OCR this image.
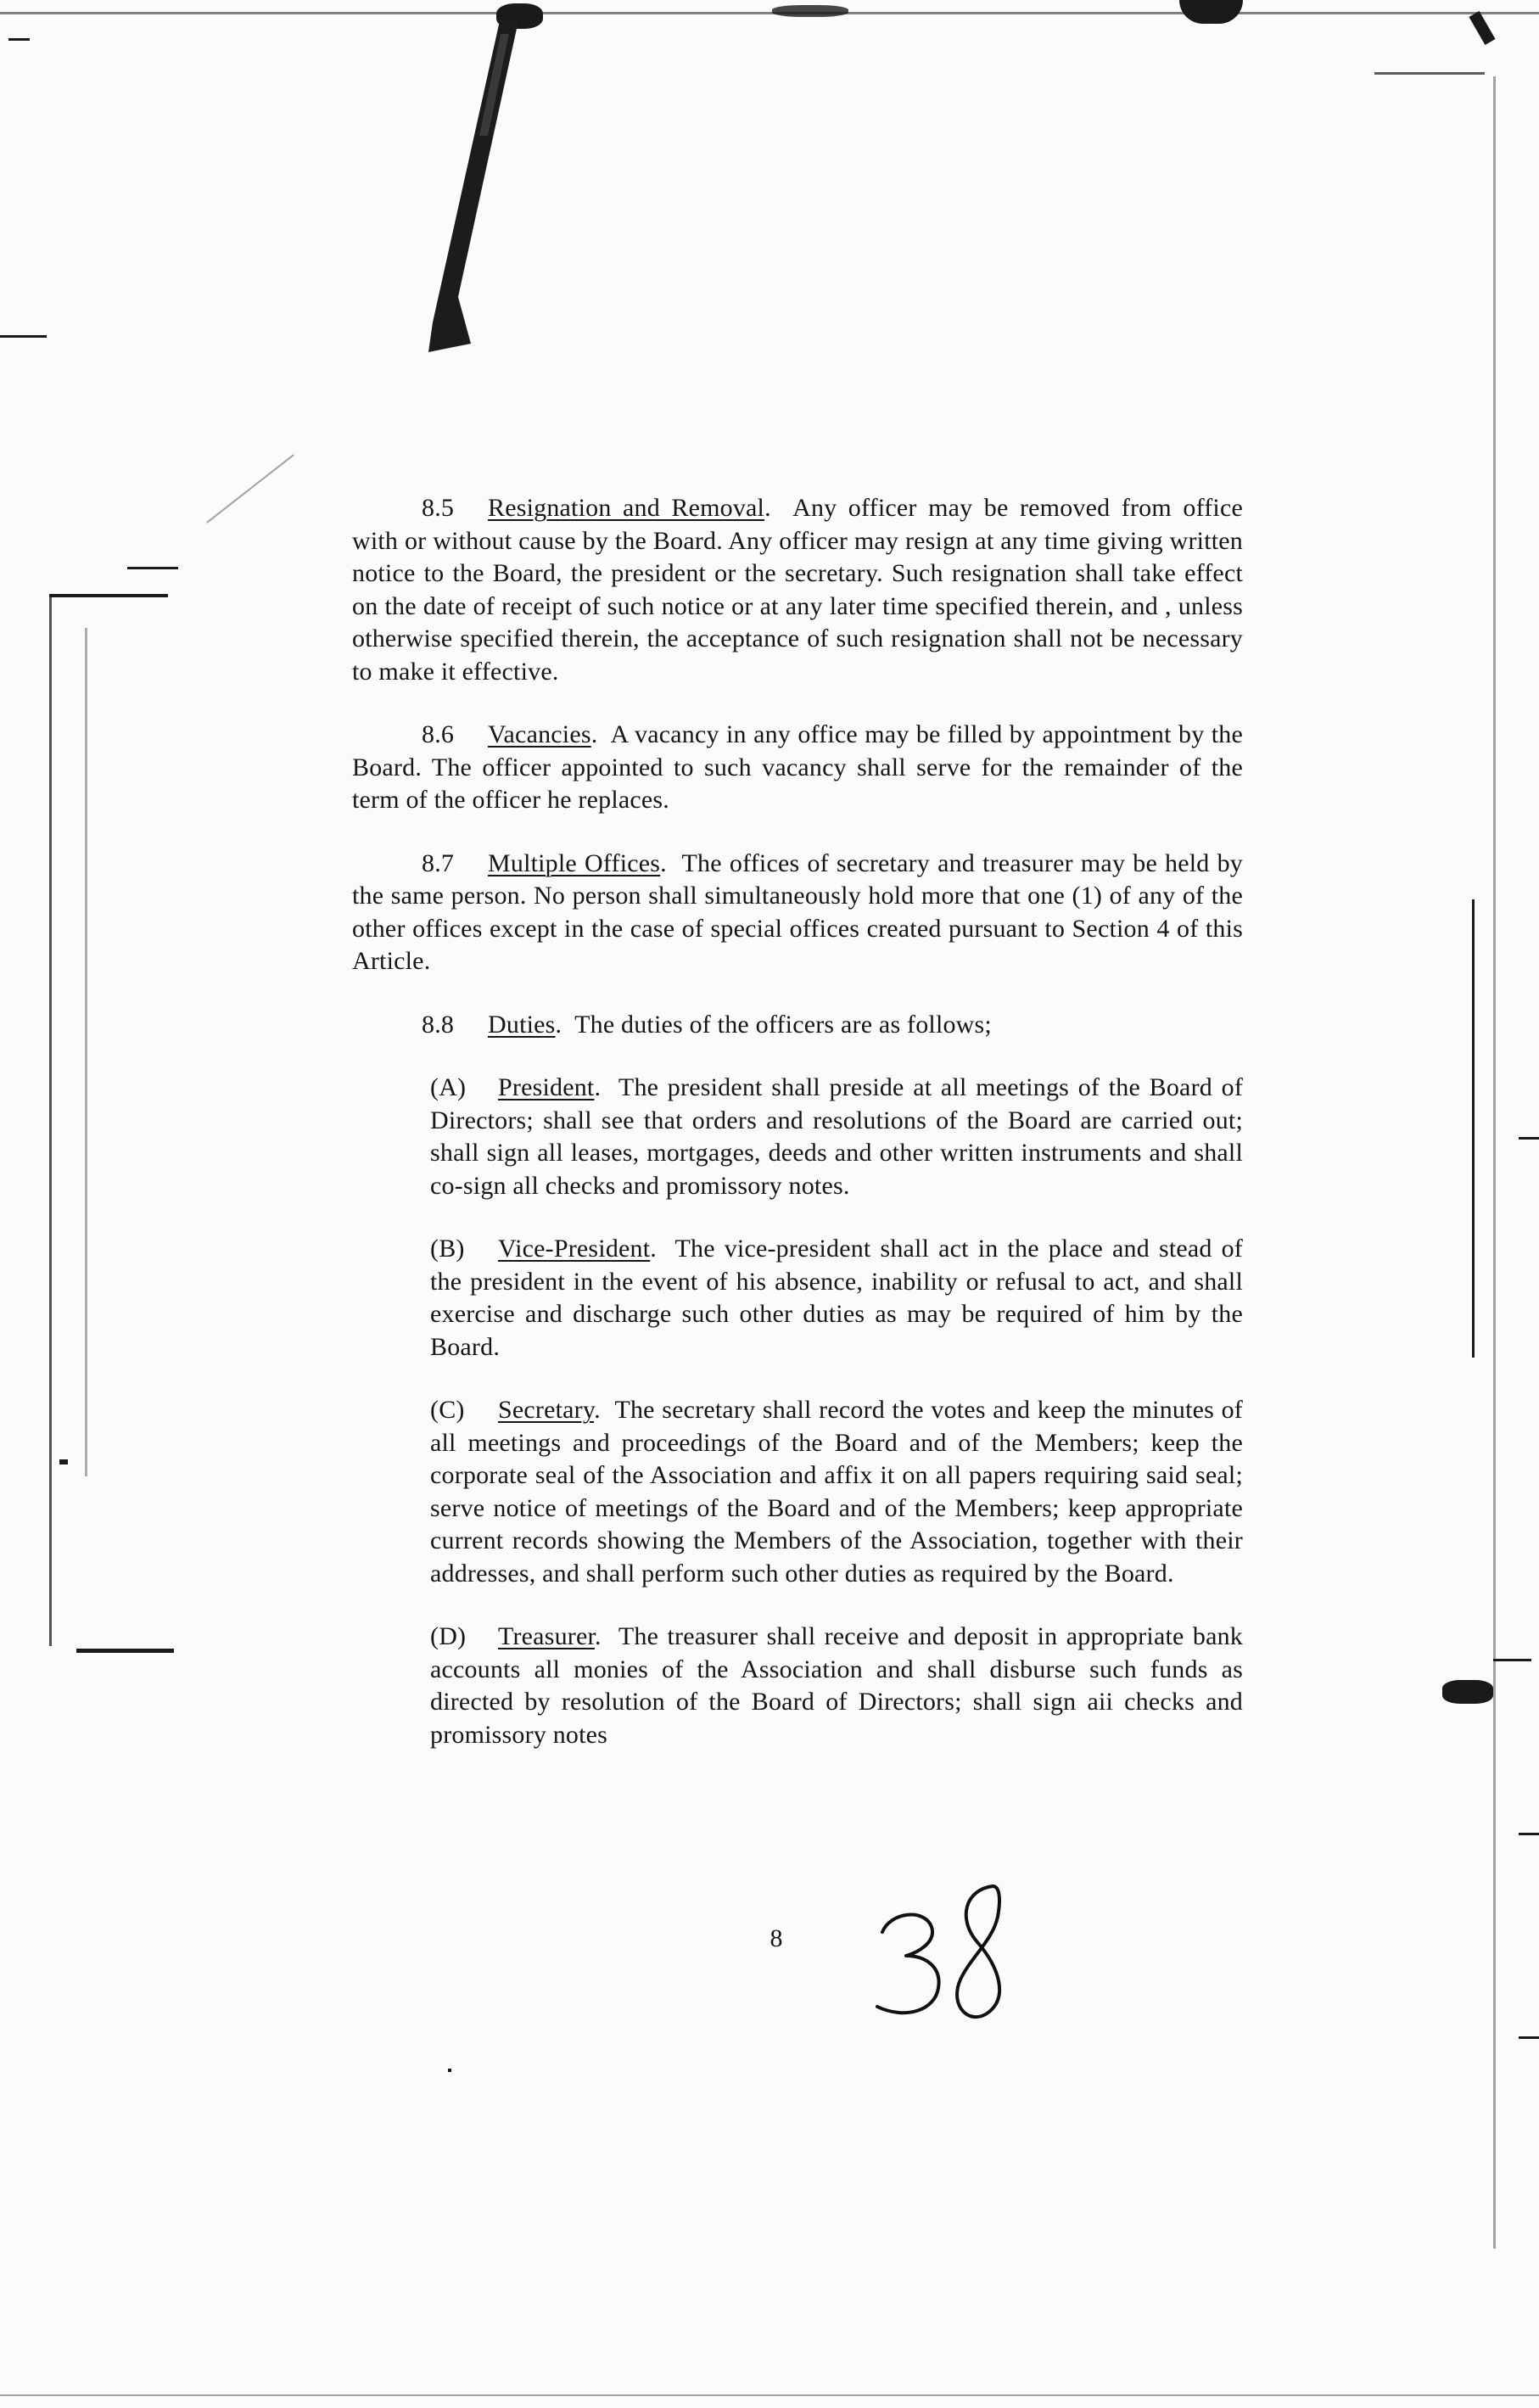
8.5 Resignation and Removal.  Any officer may be removed from office with or without cause by the Board. Any officer may resign at any time giving written notice to the Board, the president or the secretary. Such resignation shall take effect on the date of receipt of such notice or at any later time specified therein, and , unless otherwise specified therein, the acceptance of such resignation shall not be necessary to make it effective.

8.6 Vacancies.  A vacancy in any office may be filled by appointment by the Board. The officer appointed to such vacancy shall serve for the remainder of the term of the officer he replaces.

8.7 Multiple Offices.  The offices of secretary and treasurer may be held by the same person. No person shall simultaneously hold more that one (1) of any of the other offices except in the case of special offices created pursuant to Section 4 of this Article.

8.8 Duties.  The duties of the officers are as follows;

(A) President.  The president shall preside at all meetings of the Board of Directors; shall see that orders and resolutions of the Board are carried out; shall sign all leases, mortgages, deeds and other written instruments and shall co-sign all checks and promissory notes.

(B) Vice-President.  The vice-president shall act in the place and stead of the president in the event of his absence, inability or refusal to act, and shall exercise and discharge such other duties as may be required of him by the Board.

(C) Secretary.  The secretary shall record the votes and keep the minutes of all meetings and proceedings of the Board and of the Members; keep the corporate seal of the Association and affix it on all papers requiring said seal; serve notice of meetings of the Board and of the Members; keep appropriate current records showing the Members of the Association, together with their addresses, and shall perform such other duties as required by the Board.

(D) Treasurer.  The treasurer shall receive and deposit in appropriate bank accounts all monies of the Association and shall disburse such funds as directed by resolution of the Board of Directors; shall sign aii checks and promissory notes

8
